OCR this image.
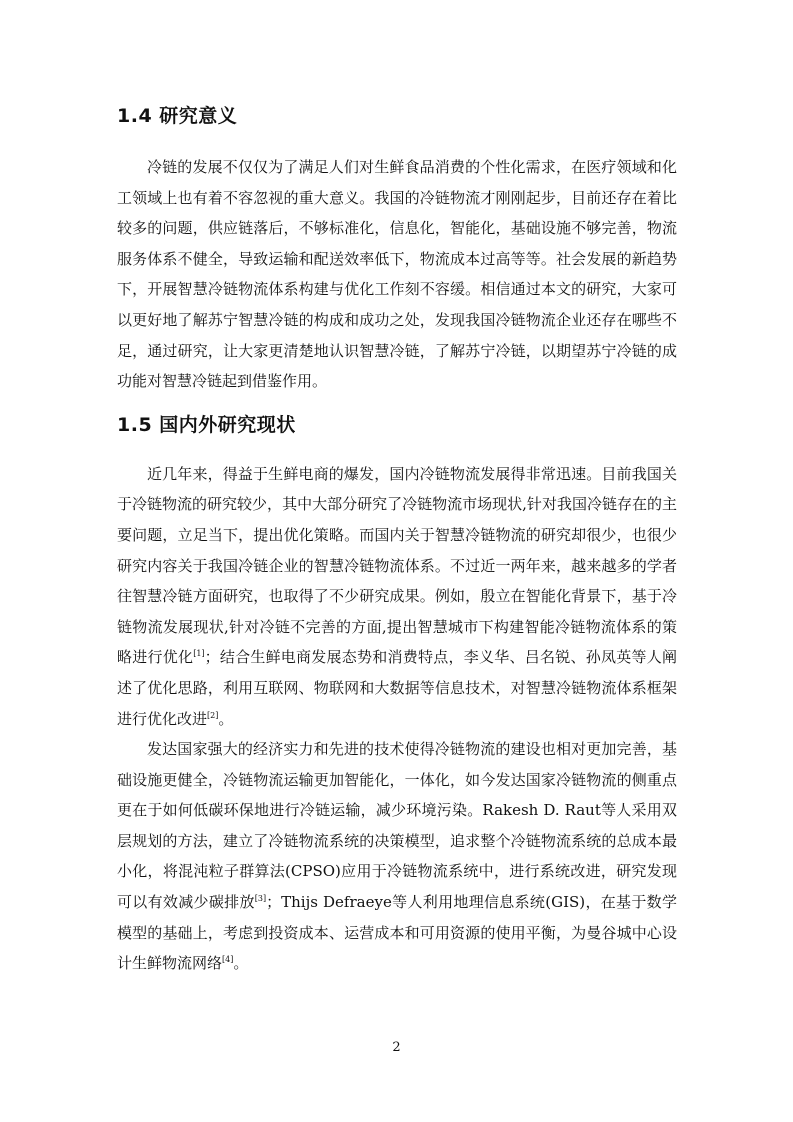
1.4 研究意义

冷链的发展不仅仅为了满足人们对生鲜食品消费的个性化需求，在医疗领域和化工领域上也有着不容忽视的重大意义。我国的冷链物流才刚刚起步，目前还存在着比较多的问题，供应链落后，不够标准化，信息化，智能化，基础设施不够完善，物流服务体系不健全，导致运输和配送效率低下，物流成本过高等等。社会发展的新趋势下，开展智慧冷链物流体系构建与优化工作刻不容缓。相信通过本文的研究，大家可以更好地了解苏宁智慧冷链的构成和成功之处，发现我国冷链物流企业还存在哪些不足，通过研究，让大家更清楚地认识智慧冷链，了解苏宁冷链，以期望苏宁冷链的成功能对智慧冷链起到借鉴作用。

1.5 国内外研究现状

近几年来，得益于生鲜电商的爆发，国内冷链物流发展得非常迅速。目前我国关于冷链物流的研究较少，其中大部分研究了冷链物流市场现状,针对我国冷链存在的主要问题，立足当下，提出优化策略。而国内关于智慧冷链物流的研究却很少，也很少研究内容关于我国冷链企业的智慧冷链物流体系。不过近一两年来，越来越多的学者往智慧冷链方面研究，也取得了不少研究成果。例如，殷立在智能化背景下，基于冷链物流发展现状,针对冷链不完善的方面,提出智慧城市下构建智能冷链物流体系的策略进行优化[1]；结合生鲜电商发展态势和消费特点，李义华、吕名锐、孙凤英等人阐述了优化思路，利用互联网、物联网和大数据等信息技术，对智慧冷链物流体系框架进行优化改进[2]。

发达国家强大的经济实力和先进的技术使得冷链物流的建设也相对更加完善，基础设施更健全，冷链物流运输更加智能化，一体化，如今发达国家冷链物流的侧重点更在于如何低碳环保地进行冷链运输，减少环境污染。Rakesh D. Raut等人采用双层规划的方法，建立了冷链物流系统的决策模型，追求整个冷链物流系统的总成本最小化，将混沌粒子群算法(CPSO)应用于冷链物流系统中，进行系统改进，研究发现可以有效减少碳排放[3]；Thijs Defraeye等人利用地理信息系统(GIS)，在基于数学模型的基础上，考虑到投资成本、运营成本和可用资源的使用平衡，为曼谷城中心设计生鲜物流网络[4]。

2
